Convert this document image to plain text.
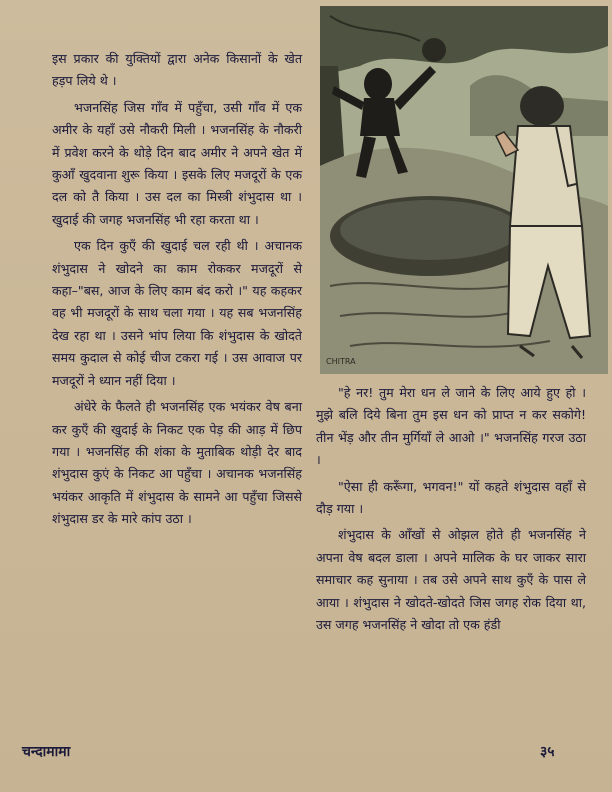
इस प्रकार की युक्तियों द्वारा अनेक किसानों के खेत हड़प लिये थे ।

भजनसिंह जिस गाँव में पहुँचा, उसी गाँव में एक अमीर के यहाँ उसे नौकरी मिली । भजनसिंह के नौकरी में प्रवेश करने के थोड़े दिन बाद अमीर ने अपने खेत में कुआँ खुदवाना शुरू किया । इसके लिए मजदूरों के एक दल को तै किया । उस दल का मिस्त्री शंभुदास था । खुदाई की जगह भजनसिंह भी रहा करता था ।

एक दिन कुएँ की खुदाई चल रही थी । अचानक शंभुदास ने खोदने का काम रोककर मजदूरों से कहा–"बस, आज के लिए काम बंद करो ।" यह कहकर वह भी मजदूरों के साथ चला गया । यह सब भजनसिंह देख रहा था । उसने भांप लिया कि शंभुदास के खोदते समय कुदाल से कोई चीज टकरा गई । उस आवाज पर मजदूरों ने ध्यान नहीं दिया ।

अंधेरे के फैलते ही भजनसिंह एक भयंकर वेष बना कर कुएँ की खुदाई के निकट एक पेड़ की आड़ में छिप गया । भजनसिंह की शंका के मुताबिक थोड़ी देर बाद शंभुदास कुएं के निकट आ पहुँचा । अचानक भजनसिंह भयंकर आकृति में शंभुदास के सामने आ पहुँचा जिससे शंभुदास डर के मारे कांप उठा ।

CHITRA

"हे नर! तुम मेरा धन ले जाने के लिए आये हुए हो । मुझे बलि दिये बिना तुम इस धन को प्राप्त न कर सकोगे! तीन भेंड़ और तीन मुर्गियाँ ले आओ ।" भजनसिंह गरज उठा ।

"ऐसा ही करूँगा, भगवन!" यों कहते शंभुदास वहाँ से दौड़ गया ।

शंभुदास के आँखों से ओझल होते ही भजनसिंह ने अपना वेष बदल डाला । अपने मालिक के घर जाकर सारा समाचार कह सुनाया । तब उसे अपने साथ कुएँ के पास ले आया । शंभुदास ने खोदते-खोदते जिस जगह रोक दिया था, उस जगह भजनसिंह ने खोदा तो एक हंडी

चन्दामामा	३५
